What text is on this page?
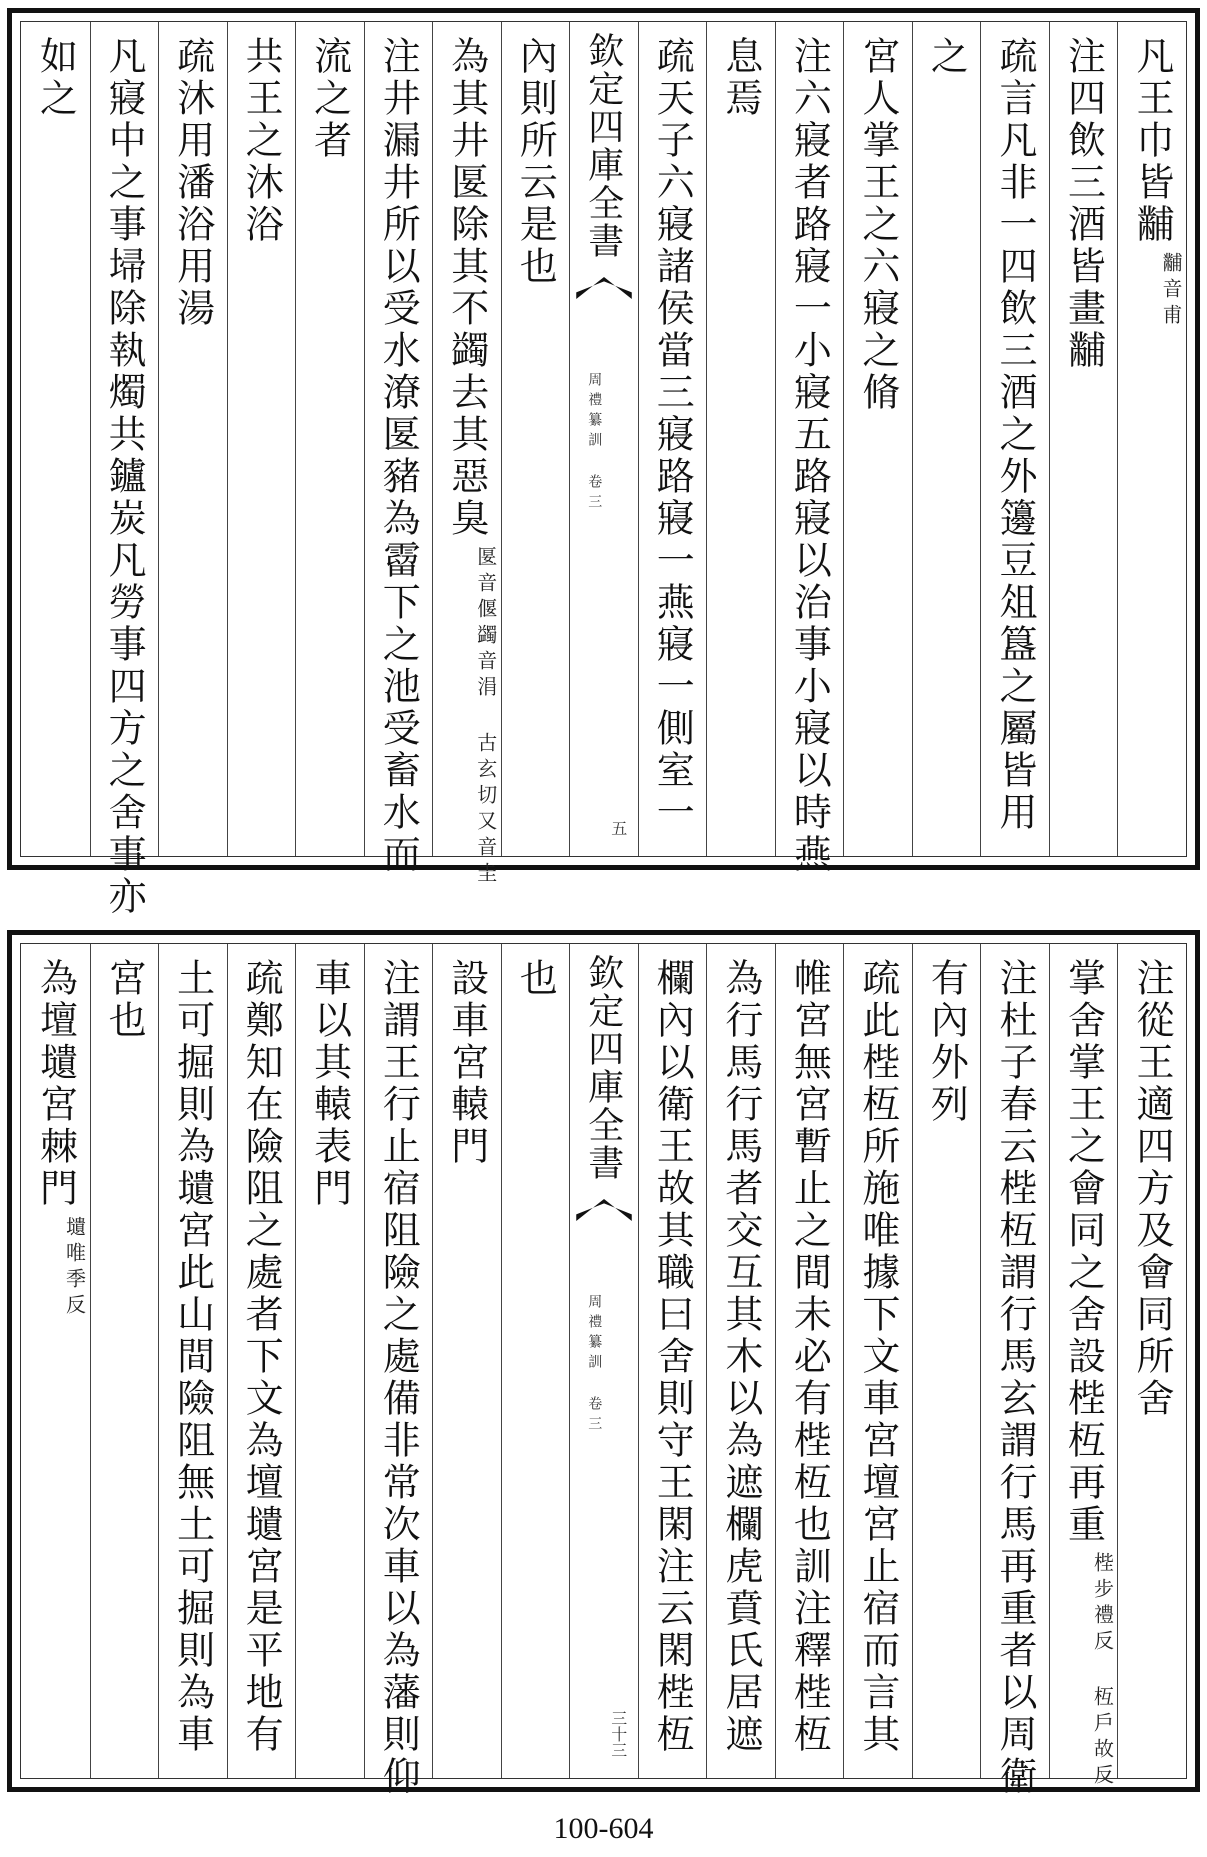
凡王巾皆黼
黼音甫
注四飲三酒皆畫黼
疏言凡非一四飲三酒之外籩豆俎簋之屬皆用
之
宮人掌王之六寢之脩
注六寢者路寢一小寢五路寢以治事小寢以時燕
息焉
疏天子六寢諸侯當三寢路寢一燕寢一側室一
欽定四庫全書
周禮纂訓 卷三
五
內則所云是也
為其井匽除其不蠲去其惡臭
匽音偃蠲音涓 古玄切又音圭
注井漏井所以受水潦匽豬為霤下之池受畜水而
流之者
共王之沐浴
疏沐用潘浴用湯
凡寢中之事埽除執燭共鑪炭凡勞事四方之舍事亦
如之
注從王適四方及會同所舍
掌舍掌王之會同之舍設梐枑再重
梐步禮反 枑戶故反
注杜子春云梐枑謂行馬玄謂行馬再重者以周衛
有內外列
疏此梐枑所施唯據下文車宮壇宮止宿而言其
帷宮無宮暫止之間未必有梐枑也訓注釋梐枑
為行馬行馬者交互其木以為遮欄虎賁氏居遮
欄內以衛王故其職曰舍則守王閑注云閑梐枑
欽定四庫全書
周禮纂訓 卷三
三十三
也
設車宮轅門
注謂王行止宿阻險之處備非常次車以為藩則仰
車以其轅表門
疏鄭知在險阻之處者下文為壇壝宮是平地有
土可掘則為壝宮此山間險阻無土可掘則為車
宮也
為壇壝宮棘門
壝唯季反
100-604
